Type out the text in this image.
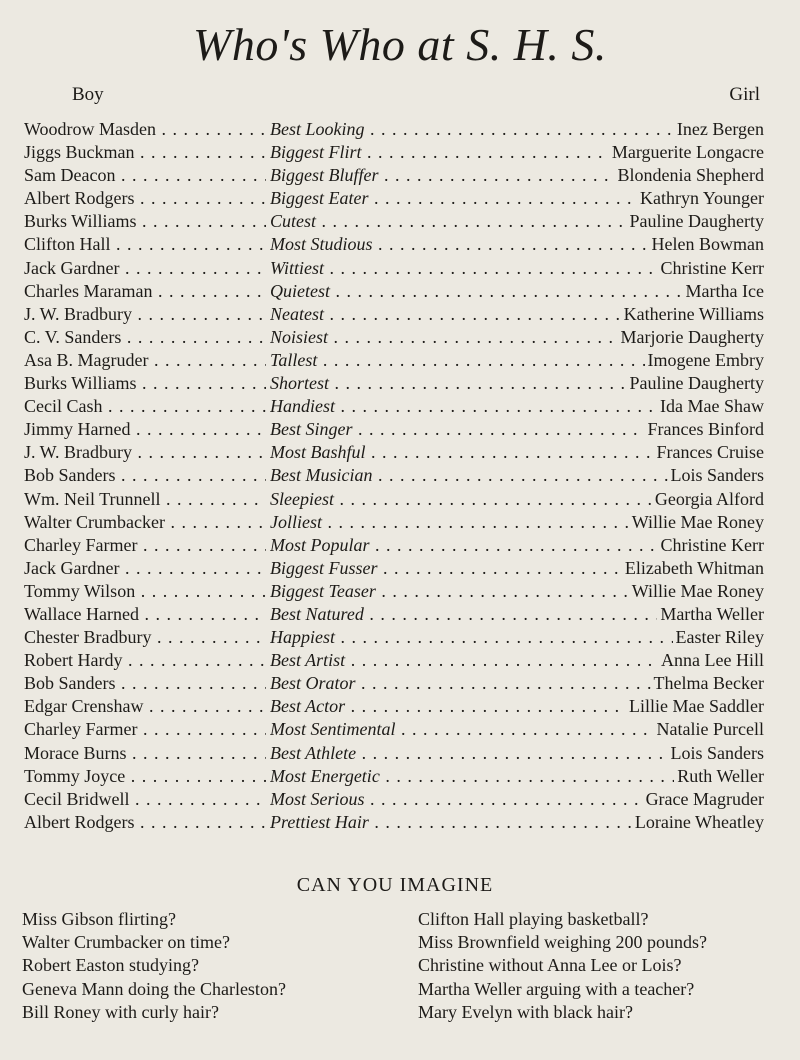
Who's Who at S. H. S.
Boy	Girl
Woodrow Masden . . .	Best Looking . . .	Inez Bergen
Jiggs Buckman . . .	Biggest Flirt . . .	Marguerite Longacre
Sam Deacon . . .	Biggest Bluffer . . .	Blondenia Shepherd
Albert Rodgers . . .	Biggest Eater . . .	Kathryn Younger
Burks Williams . . .	Cutest . . .	Pauline Daugherty
Clifton Hall . . .	Most Studious . . .	Helen Bowman
Jack Gardner . . .	Wittiest . . .	Christine Kerr
Charles Maraman . . .	Quietest . . .	Martha Ice
J. W. Bradbury . . .	Neatest . . .	Katherine Williams
C. V. Sanders . . .	Noisiest . . .	Marjorie Daugherty
Asa B. Magruder . . .	Tallest . . .	Imogene Embry
Burks Williams . . .	Shortest . . .	Pauline Daugherty
Cecil Cash . . .	Handiest . . .	Ida Mae Shaw
Jimmy Harned . . .	Best Singer . . .	Frances Binford
J. W. Bradbury . . .	Most Bashful . . .	Frances Cruise
Bob Sanders . . .	Best Musician . . .	Lois Sanders
Wm. Neil Trunnell . . .	Sleepiest . . .	Georgia Alford
Walter Crumbacker . . .	Jolliest . . .	Willie Mae Roney
Charley Farmer . . .	Most Popular . . .	Christine Kerr
Jack Gardner . . .	Biggest Fusser . . .	Elizabeth Whitman
Tommy Wilson . . .	Biggest Teaser . . .	Willie Mae Roney
Wallace Harned . . .	Best Natured . . .	Martha Weller
Chester Bradbury . . .	Happiest . . .	Easter Riley
Robert Hardy . . .	Best Artist . . .	Anna Lee Hill
Bob Sanders . . .	Best Orator . . .	Thelma Becker
Edgar Crenshaw . . .	Best Actor . . .	Lillie Mae Saddler
Charley Farmer . . .	Most Sentimental . . .	Natalie Purcell
Morace Burns . . .	Best Athlete . . .	Lois Sanders
Tommy Joyce . . .	Most Energetic . . .	Ruth Weller
Cecil Bridwell . . .	Most Serious . . .	Grace Magruder
Albert Rodgers . . .	Prettiest Hair . . .	Loraine Wheatley
CAN YOU IMAGINE
Miss Gibson flirting?
Walter Crumbacker on time?
Robert Easton studying?
Geneva Mann doing the Charleston?
Bill Roney with curly hair?
Clifton Hall playing basketball?
Miss Brownfield weighing 200 pounds?
Christine without Anna Lee or Lois?
Martha Weller arguing with a teacher?
Mary Evelyn with black hair?
